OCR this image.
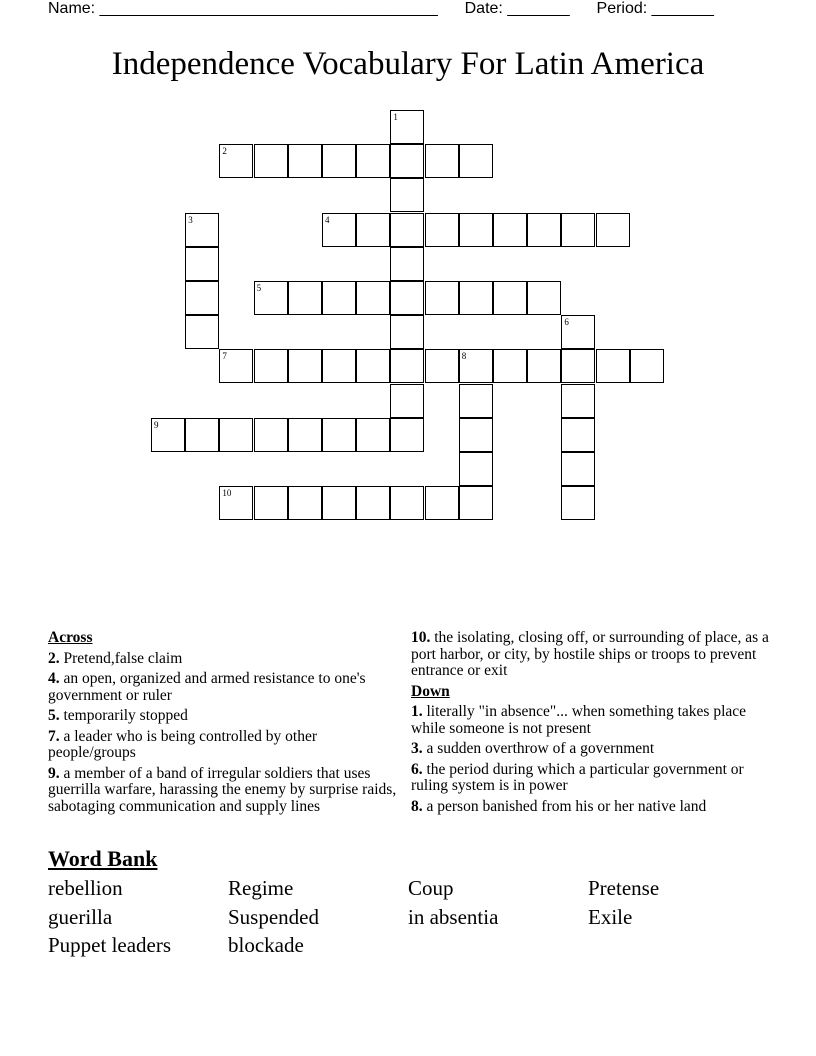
Name: ______________________________________ Date: _______ Period: _______
Independence Vocabulary For Latin America
1
2
3	4
5
6
7	8
9
10
Across
2. Pretend,false claim
4. an open, organized and armed resistance to one's government or ruler
5. temporarily stopped
7. a leader who is being controlled by other people/groups
9. a member of a band of irregular soldiers that uses guerrilla warfare, harassing the enemy by surprise raids, sabotaging communication and supply lines
10. the isolating, closing off, or surrounding of place, as a port harbor, or city, by hostile ships or troops to prevent entrance or exit
Down
1. literally "in absence"... when something takes place while someone is not present
3. a sudden overthrow of a government
6. the period during which a particular government or ruling system is in power
8. a person banished from his or her native land
Word Bank
rebellion	Regime	Coup	Pretense
guerilla	Suspended	in absentia	Exile
Puppet leaders	blockade
